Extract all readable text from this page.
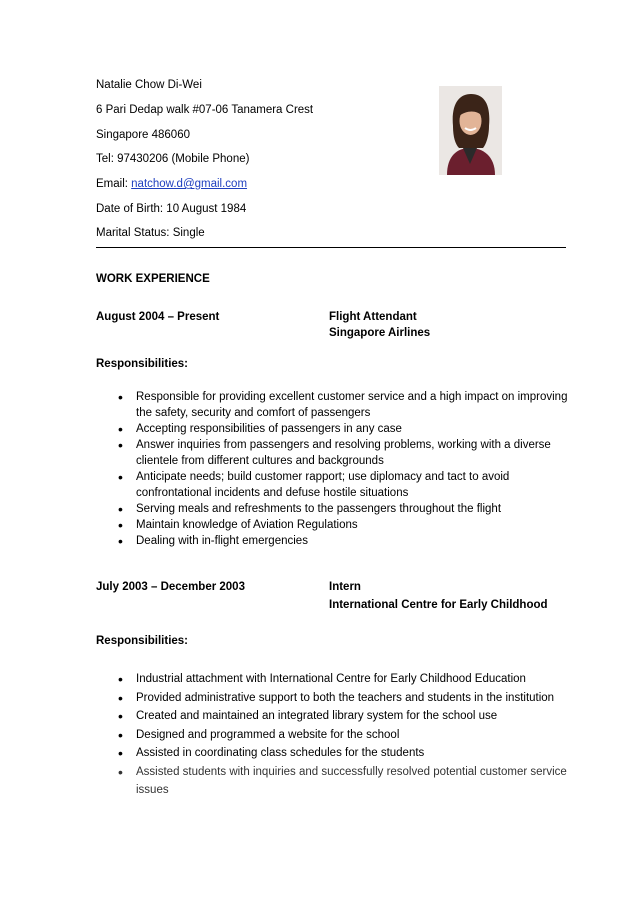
Natalie Chow Di-Wei
6 Pari Dedap walk #07-06 Tanamera Crest
Singapore 486060
Tel: 97430206 (Mobile Phone)
Email: natchow.d@gmail.com
Date of Birth: 10 August 1984
Marital Status: Single
WORK EXPERIENCE
August 2004 – Present	Flight Attendant
Singapore Airlines
Responsibilities:
• Responsible for providing excellent customer service and a high impact on improving the safety, security and comfort of passengers
• Accepting responsibilities of passengers in any case
• Answer inquiries from passengers and resolving problems, working with a diverse clientele from different cultures and backgrounds
• Anticipate needs; build customer rapport; use diplomacy and tact to avoid confrontational incidents and defuse hostile situations
• Serving meals and refreshments to the passengers throughout the flight
• Maintain knowledge of Aviation Regulations
• Dealing with in-flight emergencies
July 2003 – December 2003	Intern
International Centre for Early Childhood
Responsibilities:
• Industrial attachment with International Centre for Early Childhood Education
• Provided administrative support to both the teachers and students in the institution
• Created and maintained an integrated library system for the school use
• Designed and programmed a website for the school
• Assisted in coordinating class schedules for the students
• Assisted students with inquiries and successfully resolved potential customer service issues
